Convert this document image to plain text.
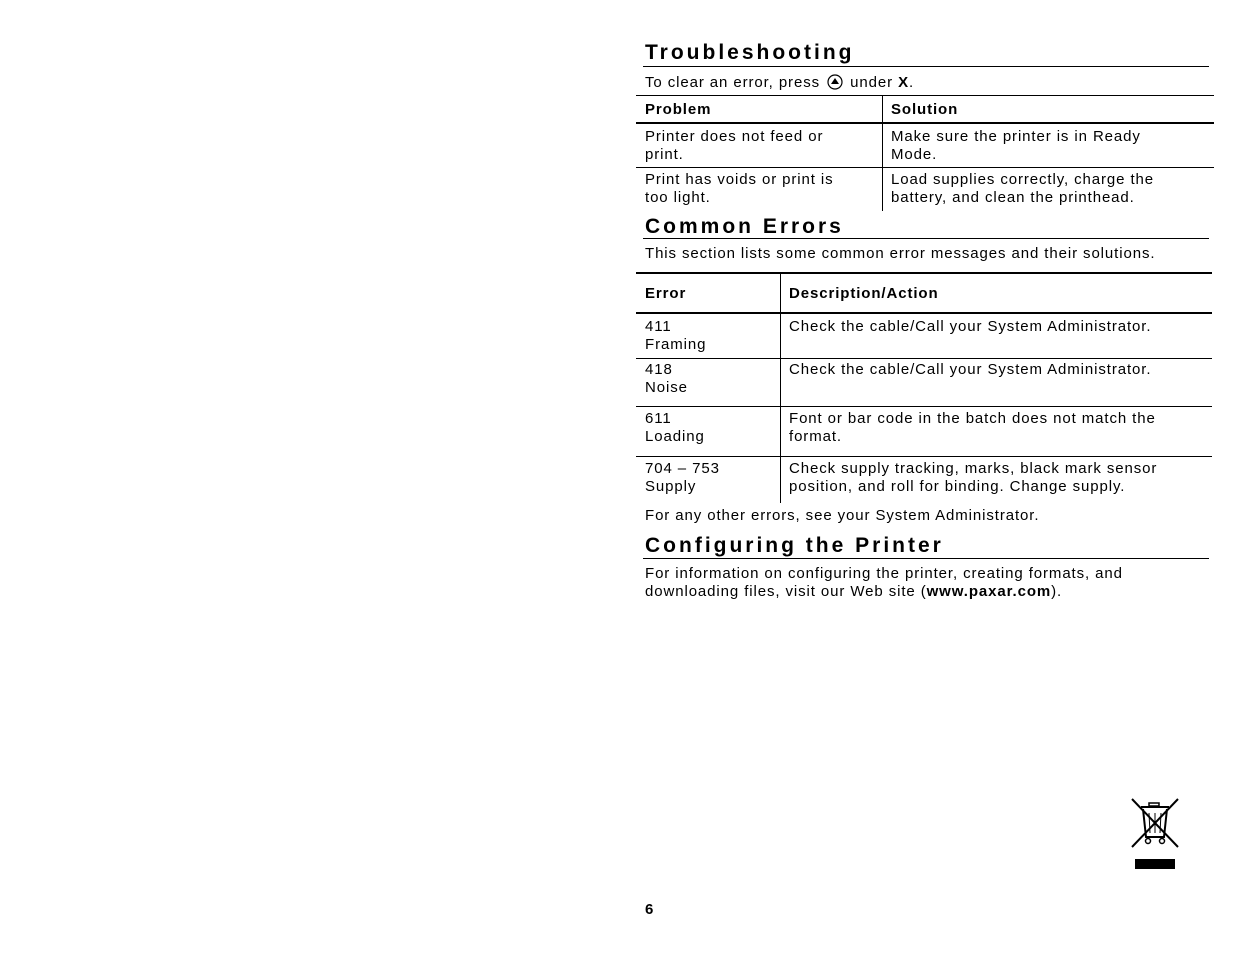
Troubleshooting
To clear an error, press under X.
Problem	Solution
Printer does not feed or
print.
Make sure the printer is in Ready
Mode.
Print has voids or print is
too light.
Load supplies correctly, charge the
battery, and clean the printhead.
Common Errors
This section lists some common error messages and their solutions.
Error	Description/Action
411
Framing
Check the cable/Call your System Administrator.
418
Noise
Check the cable/Call your System Administrator.
611
Loading
Font or bar code in the batch does not match the
format.
704 – 753
Supply
Check supply tracking, marks, black mark sensor
position, and roll for binding. Change supply.
For any other errors, see your System Administrator.
Configuring the Printer
For information on configuring the printer, creating formats, and
downloading files, visit our Web site (www.paxar.com).
6
